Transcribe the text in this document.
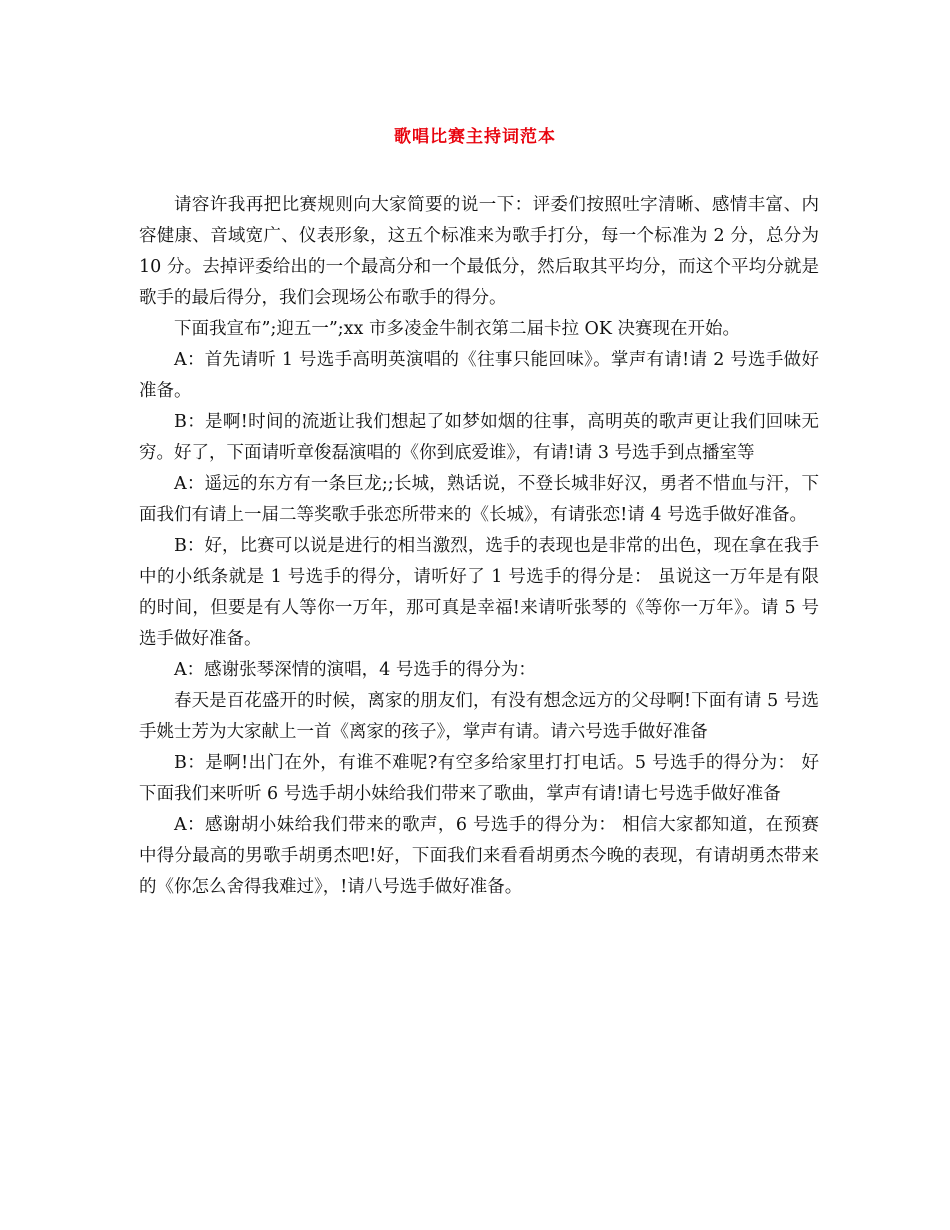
歌唱比赛主持词范本

请容许我再把比赛规则向大家简要的说一下：评委们按照吐字清晰、感情丰富、内容健康、音域宽广、仪表形象，这五个标准来为歌手打分，每一个标准为 2 分，总分为 10 分。去掉评委给出的一个最高分和一个最低分，然后取其平均分，而这个平均分就是歌手的最后得分，我们会现场公布歌手的得分。

下面我宣布”;迎五一”;xx 市多凌金牛制衣第二届卡拉 OK 决赛现在开始。

A：首先请听 1 号选手高明英演唱的《往事只能回味》。掌声有请!请 2 号选手做好准备。

B：是啊!时间的流逝让我们想起了如梦如烟的往事，高明英的歌声更让我们回味无穷。好了，下面请听章俊磊演唱的《你到底爱谁》，有请!请 3 号选手到点播室等

A：遥远的东方有一条巨龙;;长城，熟话说，不登长城非好汉，勇者不惜血与汗，下面我们有请上一届二等奖歌手张恋所带来的《长城》，有请张恋!请 4 号选手做好准备。

B：好，比赛可以说是进行的相当激烈，选手的表现也是非常的出色，现在拿在我手中的小纸条就是 1 号选手的得分，请听好了 1 号选手的得分是： 虽说这一万年是有限的时间，但要是有人等你一万年，那可真是幸福!来请听张琴的《等你一万年》。请 5 号选手做好准备。

A：感谢张琴深情的演唱，4 号选手的得分为：

春天是百花盛开的时候，离家的朋友们，有没有想念远方的父母啊!下面有请 5 号选手姚士芳为大家献上一首《离家的孩子》，掌声有请。请六号选手做好准备

B：是啊!出门在外，有谁不难呢?有空多给家里打打电话。5 号选手的得分为： 好下面我们来听听 6 号选手胡小妹给我们带来了歌曲，掌声有请!请七号选手做好准备

A：感谢胡小妹给我们带来的歌声，6 号选手的得分为： 相信大家都知道，在预赛中得分最高的男歌手胡勇杰吧!好，下面我们来看看胡勇杰今晚的表现，有请胡勇杰带来的《你怎么舍得我难过》，!请八号选手做好准备。
